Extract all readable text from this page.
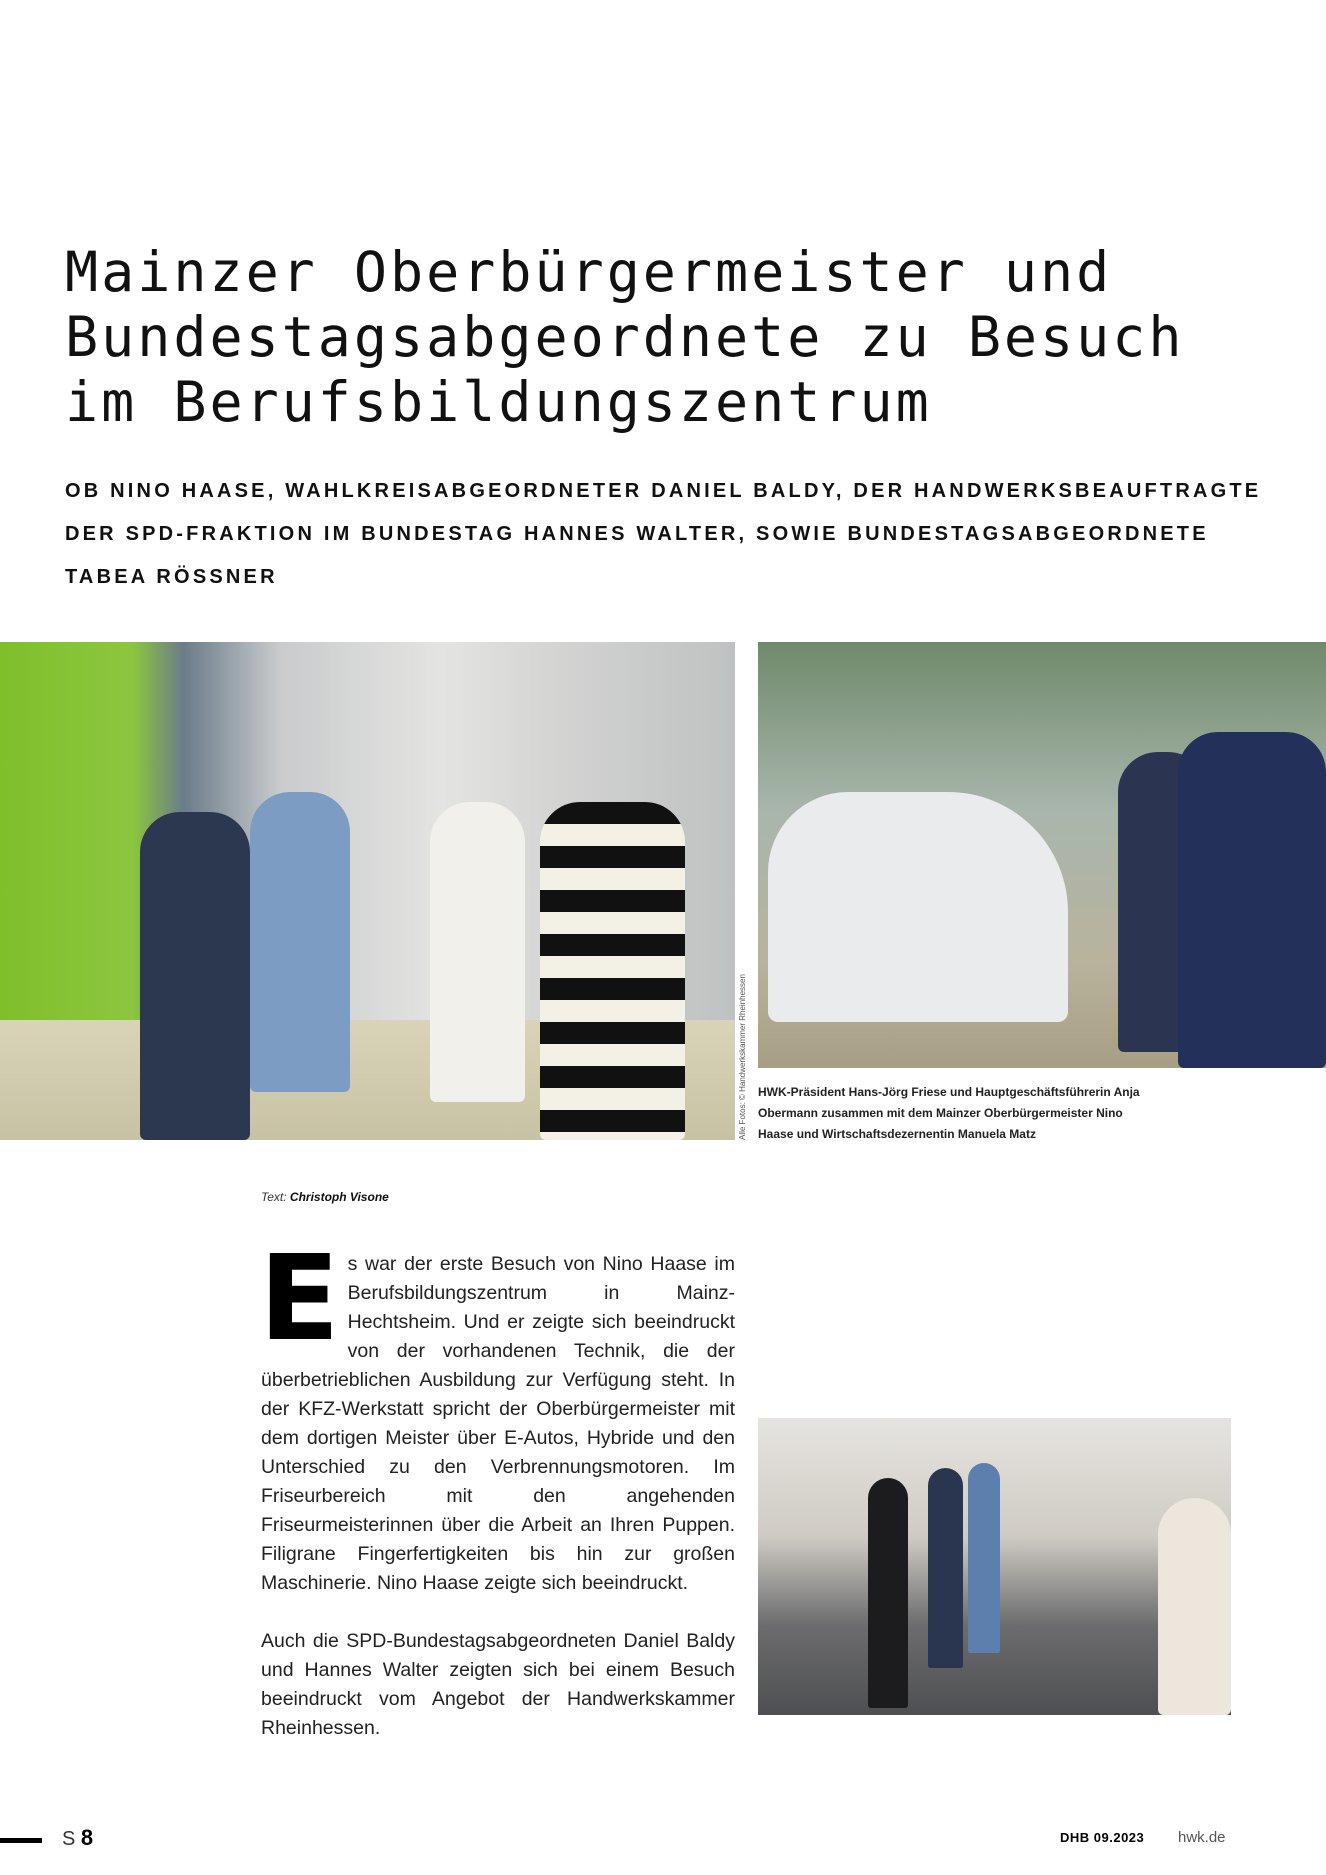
Mainzer Oberbürgermeister und Bundestagsabgeordnete zu Besuch im Berufsbildungszentrum
OB NINO HAASE, WAHLKREISABGEORDNETER DANIEL BALDY, DER HANDWERKSBEAUFTRAGTE DER SPD-FRAKTION IM BUNDESTAG HANNES WALTER, SOWIE BUNDESTAGSABGEORDNETE TABEA RÖSSNER
Alle Fotos: © Handwerkskammer Rheinhessen HWK-Präsident Hans-Jörg Friese und Hauptgeschäftsführerin Anja Obermann zusammen mit dem Mainzer Oberbürgermeister Nino Haase und Wirtschaftsdezernentin Manuela Matz
Text: Christoph Visone

Es war der erste Besuch von Nino Haase im Berufsbildungszentrum in Mainz-Hechtsheim. Und er zeigte sich beeindruckt von der vorhandenen Technik, die der überbetrieblichen Ausbildung zur Verfügung steht. In der KFZ-Werkstatt spricht der Oberbürgermeister mit dem dortigen Meister über E-Autos, Hybride und den Unterschied zu den Verbrennungsmotoren. Im Friseurbereich mit den angehenden Friseurmeisterinnen über die Arbeit an Ihren Puppen. Filigrane Fingerfertigkeiten bis hin zur großen Maschinerie. Nino Haase zeigte sich beeindruckt.

Auch die SPD-Bundestagsabgeordneten Daniel Baldy und Hannes Walter zeigten sich bei einem Besuch beeindruckt vom Angebot der Handwerkskammer Rheinhessen.

S 8	DHB 09.2023 hwk.de
